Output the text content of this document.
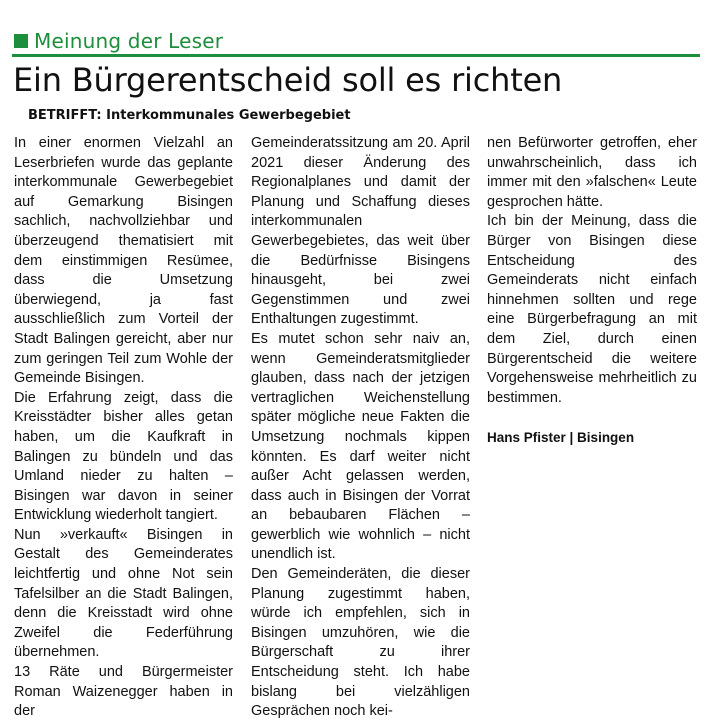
Meinung der Leser
Ein Bürgerentscheid soll es richten
BETRIFFT: Interkommunales Gewerbegebiet

In einer enormen Vielzahl an Leserbriefen wurde das geplante interkommunale Gewerbegebiet auf Gemarkung Bisingen sachlich, nachvollziehbar und überzeugend thematisiert mit dem einstimmigen Resümee, dass die Umsetzung überwiegend, ja fast ausschließlich zum Vorteil der Stadt Balingen gereicht, aber nur zum geringen Teil zum Wohle der Gemeinde Bisingen.

Die Erfahrung zeigt, dass die Kreisstädter bisher alles getan haben, um die Kaufkraft in Balingen zu bündeln und das Umland nieder zu halten – Bisingen war davon in seiner Entwicklung wiederholt tangiert.

Nun »verkauft« Bisingen in Gestalt des Gemeinderates leichtfertig und ohne Not sein Tafelsilber an die Stadt Balingen, denn die Kreisstadt wird ohne Zweifel die Federführung übernehmen.

13 Räte und Bürgermeister Roman Waizenegger haben in der

Gemeinderatssitzung am 20. April 2021 dieser Änderung des Regionalplanes und damit der Planung und Schaffung dieses interkommunalen Gewerbegebietes, das weit über die Bedürfnisse Bisingens hinausgeht, bei zwei Gegenstimmen und zwei Enthaltungen zugestimmt.

Es mutet schon sehr naiv an, wenn Gemeinderatsmitglieder glauben, dass nach der jetzigen vertraglichen Weichenstellung später mögliche neue Fakten die Umsetzung nochmals kippen könnten. Es darf weiter nicht außer Acht gelassen werden, dass auch in Bisingen der Vorrat an bebaubaren Flächen – gewerblich wie wohnlich – nicht unendlich ist.

Den Gemeinderäten, die dieser Planung zugestimmt haben, würde ich empfehlen, sich in Bisingen umzuhören, wie die Bürgerschaft zu ihrer Entscheidung steht. Ich habe bislang bei vielzähligen Gesprächen noch kei-

nen Befürworter getroffen, eher unwahrscheinlich, dass ich immer mit den »falschen« Leute gesprochen hätte.

Ich bin der Meinung, dass die Bürger von Bisingen diese Entscheidung des Gemeinderats nicht einfach hinnehmen sollten und rege eine Bürgerbefragung an mit dem Ziel, durch einen Bürgerentscheid die weitere Vorgehensweise mehrheitlich zu bestimmen.

Hans Pfister | Bisingen
